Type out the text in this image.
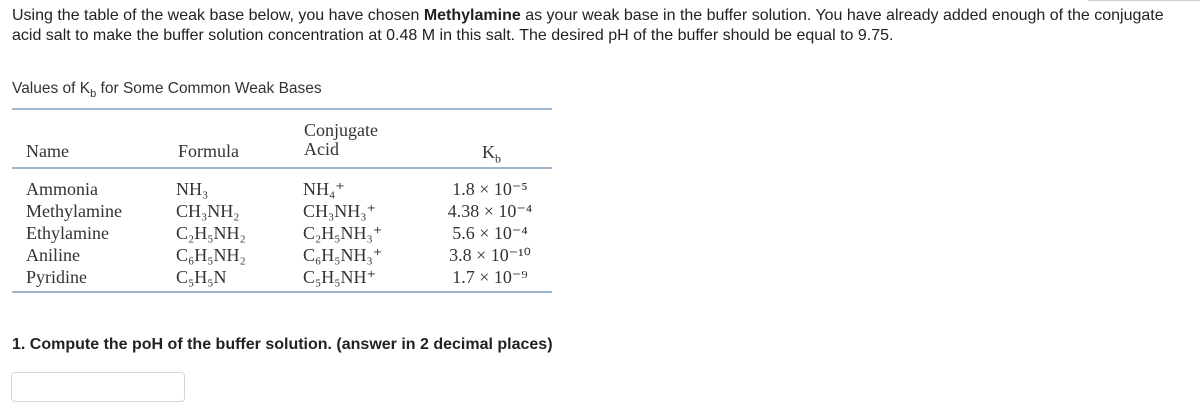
Using the table of the weak base below, you have chosen Methylamine as your weak base in the buffer solution. You have already added enough of the conjugate acid salt to make the buffer solution concentration at 0.48 M in this salt. The desired pH of the buffer should be equal to 9.75.
Values of $K_b$ for Some Common Weak Bases
Name	Formula
Conjugate
Acid	$K_b$
Ammonia
Methylamine
Ethylamine
Aniline
Pyridine
NH₃
CH₃NH₂
C₂H₅NH₂
C₆H₅NH₂
C₅H₅N
NH₄⁺
CH₃NH₃⁺
C₂H₅NH₃⁺
C₆H₅NH₃⁺
C₅H₅NH⁺
1.8 × 10⁻⁵
4.38 × 10⁻⁴
5.6 × 10⁻⁴
3.8 × 10⁻¹⁰
1.7 × 10⁻⁹
1. Compute the poH of the buffer solution. (answer in 2 decimal places)
